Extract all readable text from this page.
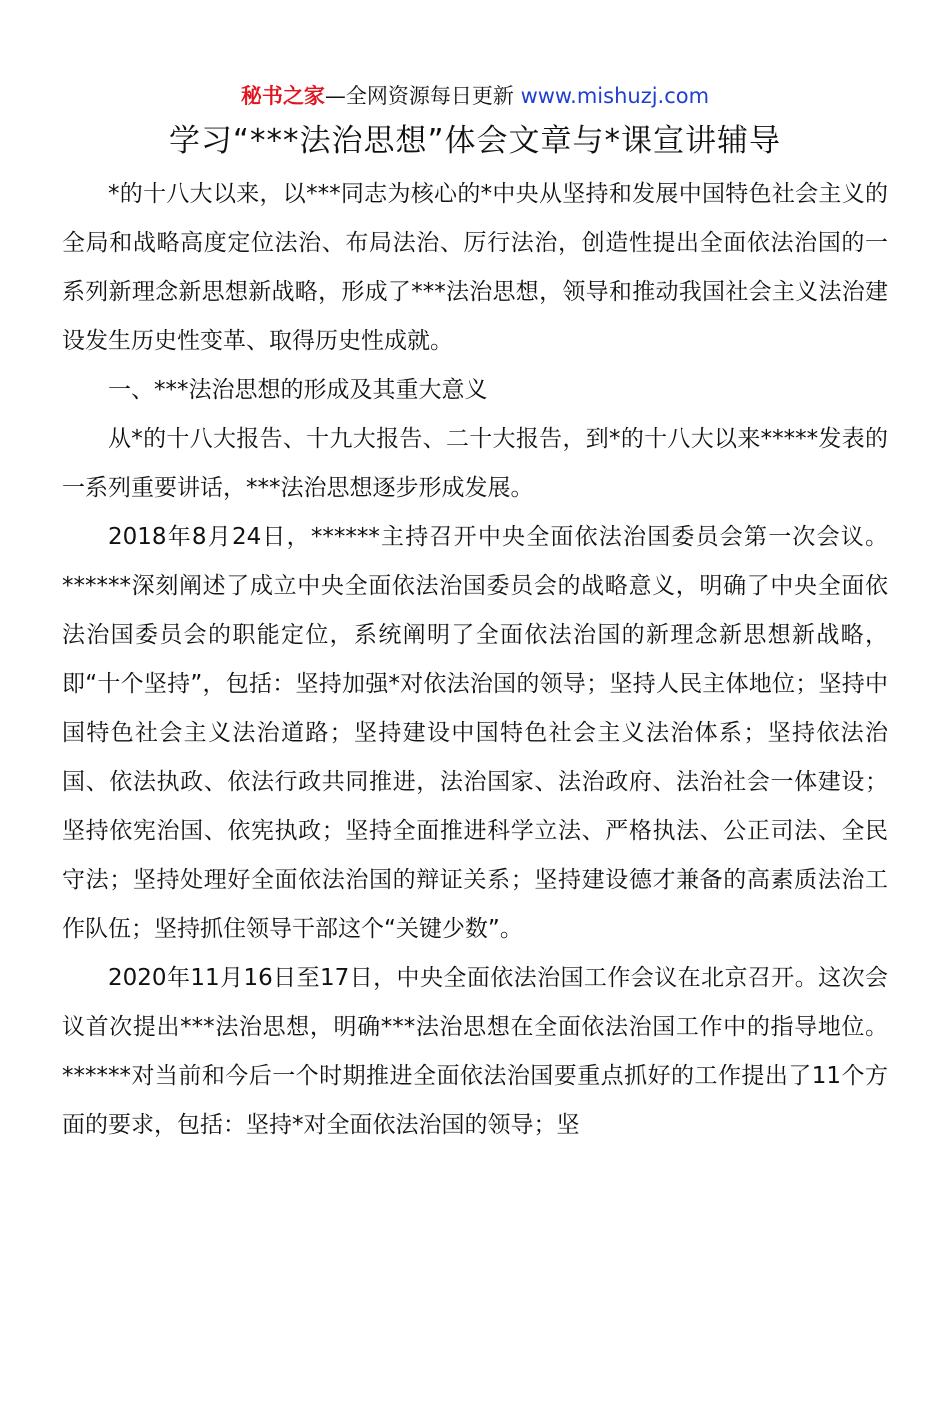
秘书之家—全网资源每日更新 www.mishuzj.com
学习“***法治思想”体会文章与*课宣讲辅导

*的十八大以来，以***同志为核心的*中央从坚持和发展中国特色社会主义的全局和战略高度定位法治、布局法治、厉行法治，创造性提出全面依法治国的一系列新理念新思想新战略，形成了***法治思想，领导和推动我国社会主义法治建设发生历史性变革、取得历史性成就。

一、***法治思想的形成及其重大意义

从*的十八大报告、十九大报告、二十大报告，到*的十八大以来*****发表的一系列重要讲话，***法治思想逐步形成发展。

2018年8月24日，******主持召开中央全面依法治国委员会第一次会议。******深刻阐述了成立中央全面依法治国委员会的战略意义，明确了中央全面依法治国委员会的职能定位，系统阐明了全面依法治国的新理念新思想新战略，即“十个坚持”，包括：坚持加强*对依法治国的领导；坚持人民主体地位；坚持中国特色社会主义法治道路；坚持建设中国特色社会主义法治体系；坚持依法治国、依法执政、依法行政共同推进，法治国家、法治政府、法治社会一体建设；坚持依宪治国、依宪执政；坚持全面推进科学立法、严格执法、公正司法、全民守法；坚持处理好全面依法治国的辩证关系；坚持建设德才兼备的高素质法治工作队伍；坚持抓住领导干部这个“关键少数”。

2020年11月16日至17日，中央全面依法治国工作会议在北京召开。这次会议首次提出***法治思想，明确***法治思想在全面依法治国工作中的指导地位。******对当前和今后一个时期推进全面依法治国要重点抓好的工作提出了11个方面的要求，包括：坚持*对全面依法治国的领导；坚
